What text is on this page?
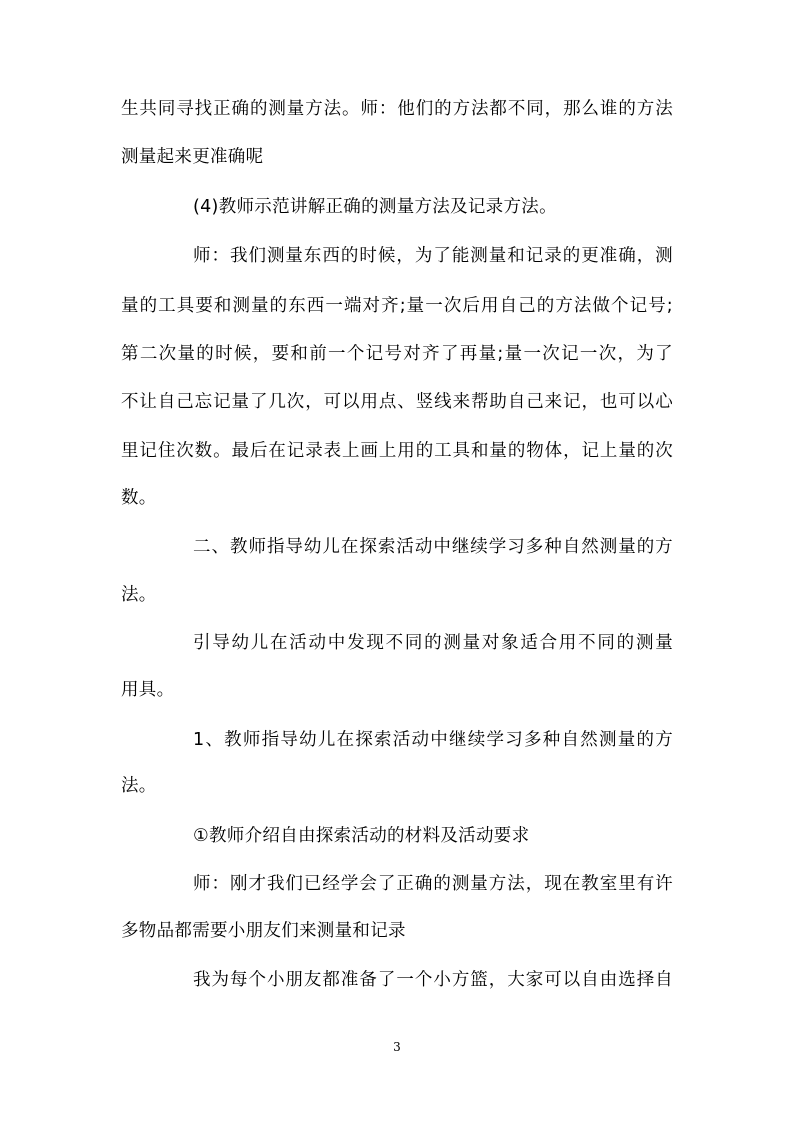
生共同寻找正确的测量方法。师：他们的方法都不同，那么谁的方法
测量起来更准确呢
(4)教师示范讲解正确的测量方法及记录方法。
师：我们测量东西的时候，为了能测量和记录的更准确，测
量的工具要和测量的东西一端对齐;量一次后用自己的方法做个记号;
第二次量的时候，要和前一个记号对齐了再量;量一次记一次，为了
不让自己忘记量了几次，可以用点、竖线来帮助自己来记，也可以心
里记住次数。最后在记录表上画上用的工具和量的物体，记上量的次
数。
二、教师指导幼儿在探索活动中继续学习多种自然测量的方
法。
引导幼儿在活动中发现不同的测量对象适合用不同的测量
用具。
1、教师指导幼儿在探索活动中继续学习多种自然测量的方
法。
①教师介绍自由探索活动的材料及活动要求
师：刚才我们已经学会了正确的测量方法，现在教室里有许
多物品都需要小朋友们来测量和记录
我为每个小朋友都准备了一个小方篮，大家可以自由选择自
3
